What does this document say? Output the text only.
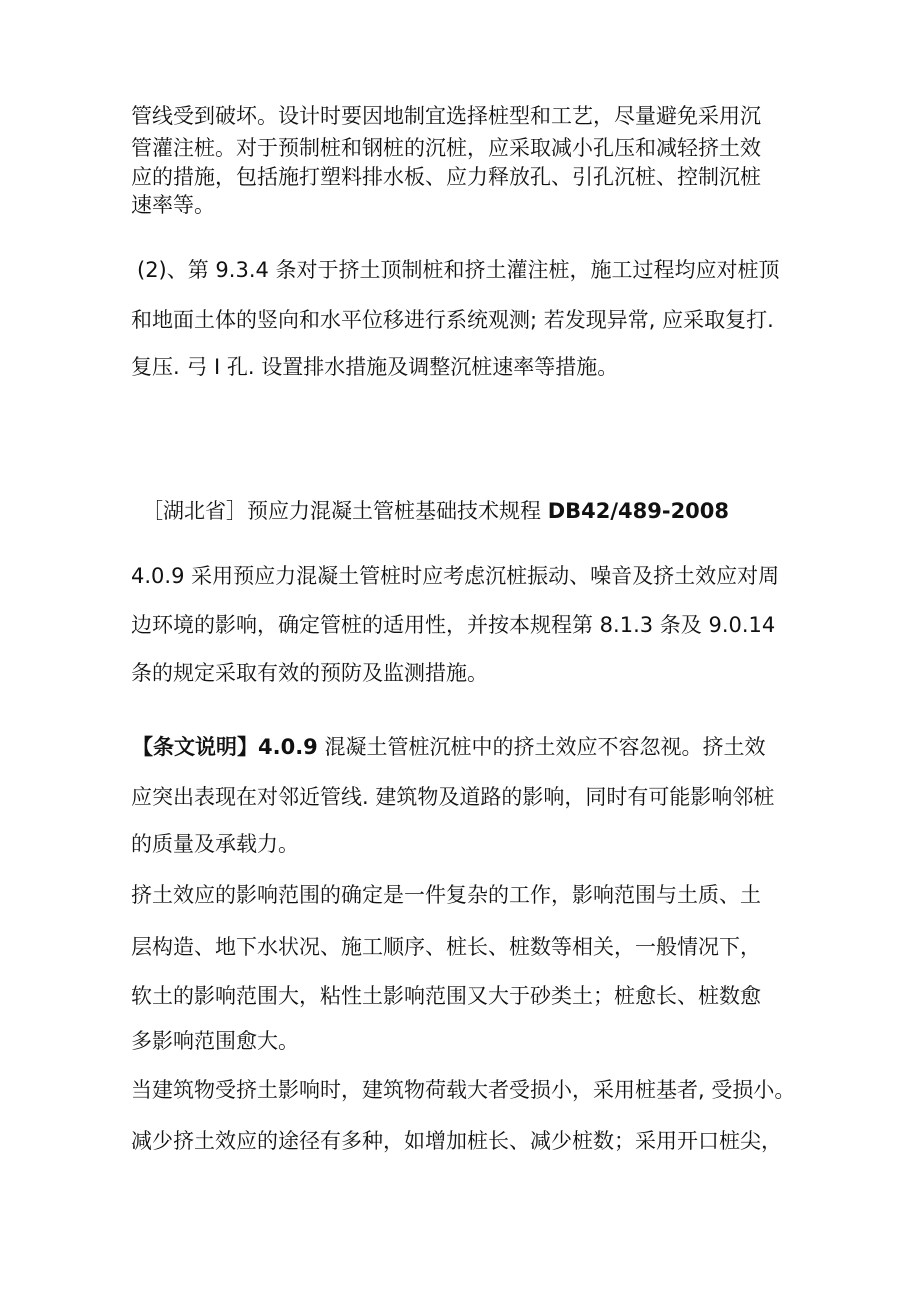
管线受到破坏。设计时要因地制宜选择桩型和工艺，尽量避免采用沉
管灌注桩。对于预制桩和钢桩的沉桩，应采取减小孔压和减轻挤土效
应的措施，包括施打塑料排水板、应力释放孔、引孔沉桩、控制沉桩
速率等。
(2)、第 9.3.4 条对于挤土顶制桩和挤土灌注桩，施工过程均应对桩顶
和地面土体的竖向和水平位移进行系统观测; 若发现异常, 应采取复打.
复压. 弓 I 孔. 设置排水措施及调整沉桩速率等措施。
［湖北省］预应力混凝土管桩基础技术规程 DB42/489-2008
4.0.9 采用预应力混凝土管桩时应考虑沉桩振动、噪音及挤土效应对周
边环境的影响，确定管桩的适用性，并按本规程第 8.1.3 条及 9.0.14
条的规定采取有效的预防及监测措施。
【条文说明】4.0.9 混凝土管桩沉桩中的挤土效应不容忽视。挤土效
应突出表现在对邻近管线. 建筑物及道路的影响，同时有可能影响邻桩
的质量及承载力。
挤土效应的影响范围的确定是一件复杂的工作，影响范围与土质、土
层构造、地下水状况、施工顺序、桩长、桩数等相关，一般情况下，
软土的影响范围大，粘性土影响范围又大于砂类土；桩愈长、桩数愈
多影响范围愈大。
当建筑物受挤土影响时，建筑物荷载大者受损小，采用桩基者, 受损小。
减少挤土效应的途径有多种，如增加桩长、减少桩数；采用开口桩尖，
